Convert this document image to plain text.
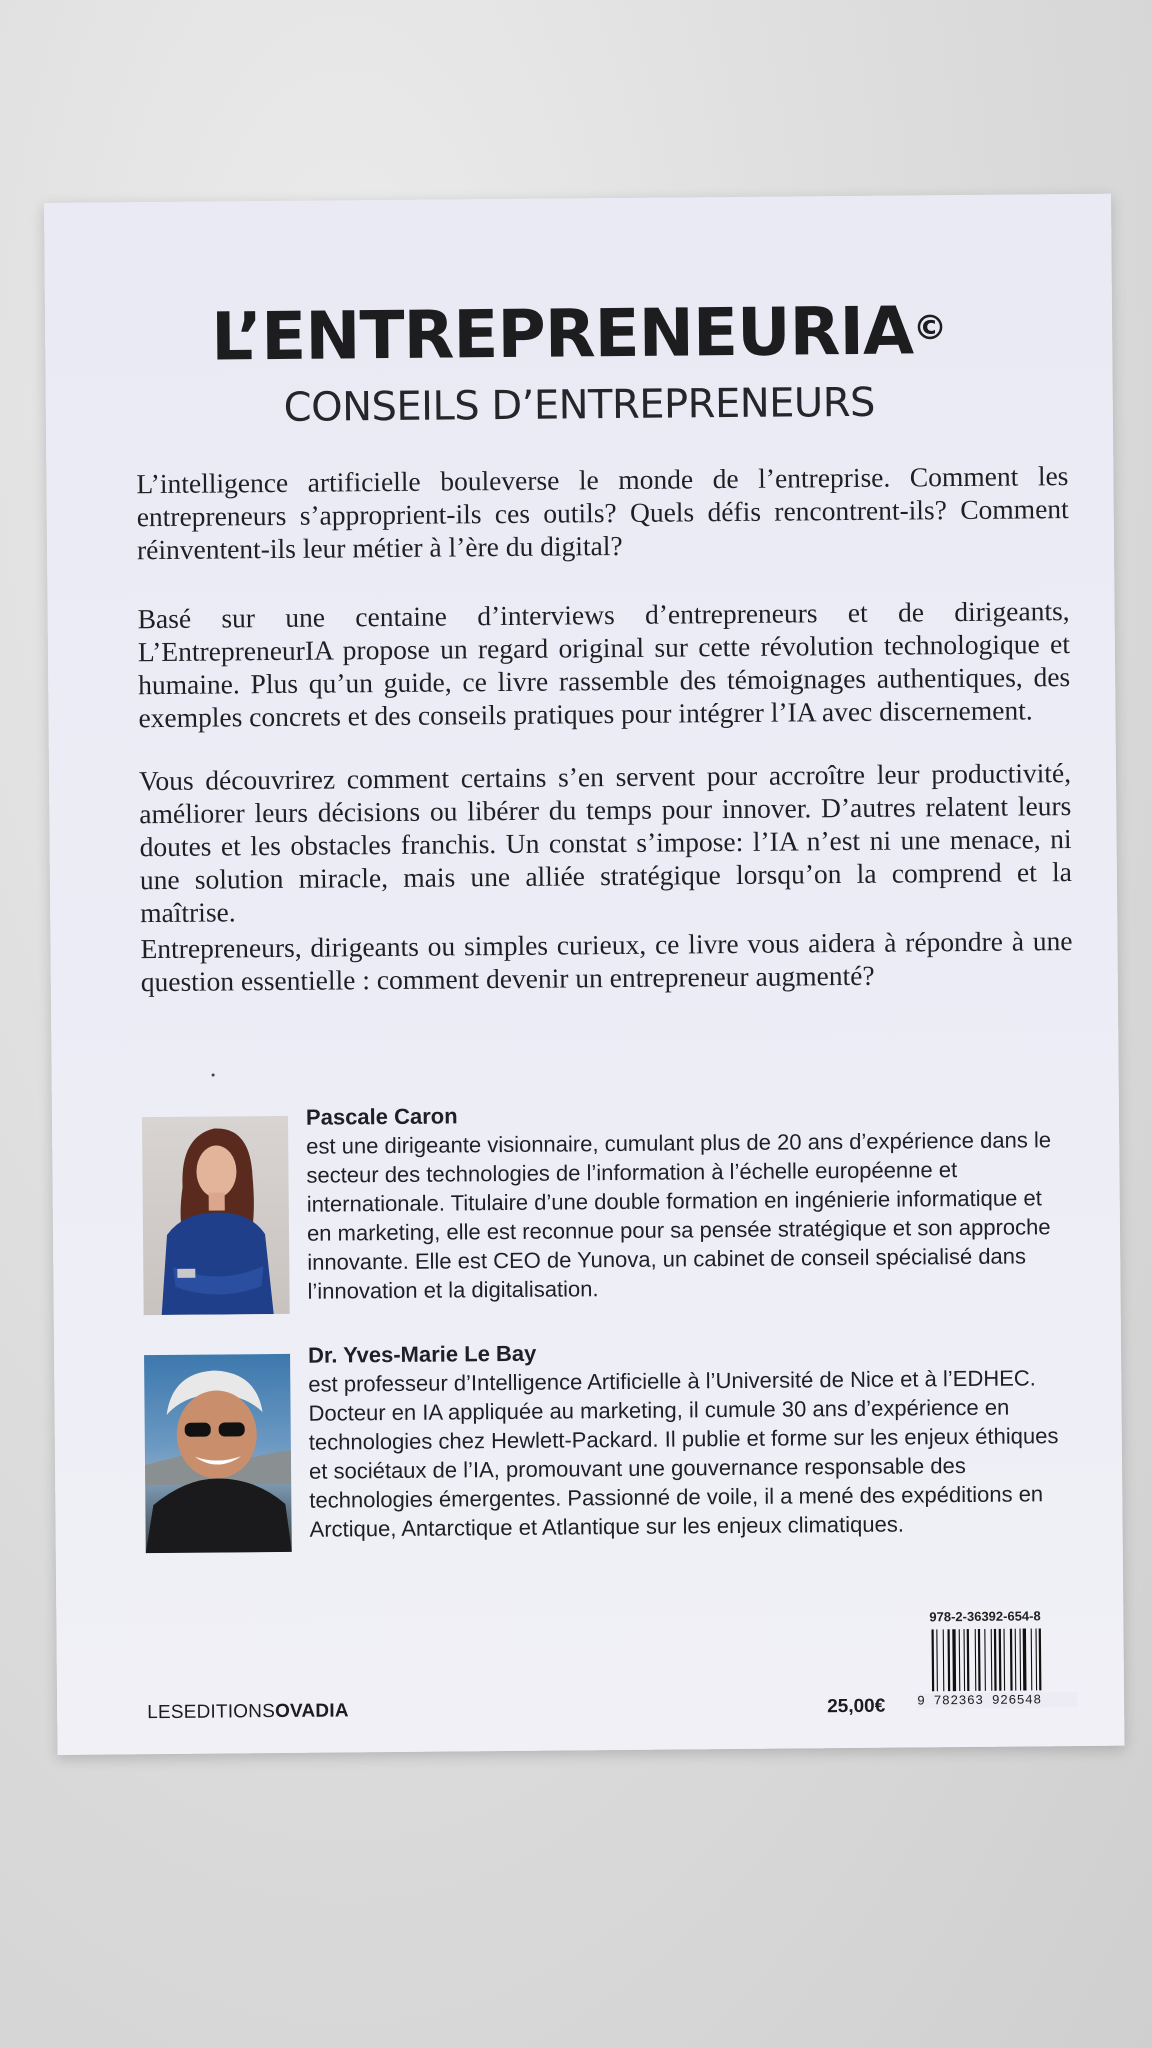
L’ENTREPRENEURIA©
CONSEILS D’ENTREPRENEURS

L’intelligence artificielle bouleverse le monde de l’entreprise. Comment les entrepreneurs s’approprient-ils ces outils? Quels défis rencontrent-ils? Comment réinventent-ils leur métier à l’ère du digital?

Basé sur une centaine d’interviews d’entrepreneurs et de dirigeants, L’EntrepreneurIA propose un regard original sur cette révolution technologique et humaine. Plus qu’un guide, ce livre rassemble des témoignages authentiques, des exemples concrets et des conseils pratiques pour intégrer l’IA avec discernement.

Vous découvrirez comment certains s’en servent pour accroître leur productivité, améliorer leurs décisions ou libérer du temps pour innover. D’autres relatent leurs doutes et les obstacles franchis. Un constat s’impose: l’IA n’est ni une menace, ni une solution miracle, mais une alliée stratégique lorsqu’on la comprend et la maîtrise.

Entrepreneurs, dirigeants ou simples curieux, ce livre vous aidera à répondre à une question essentielle : comment devenir un entrepreneur augmenté?

Pascale Caron
est une dirigeante visionnaire, cumulant plus de 20 ans d’expérience dans le secteur des technologies de l’information à l’échelle européenne et internationale. Titulaire d’une double formation en ingénierie informatique et en marketing, elle est reconnue pour sa pensée stratégique et son approche innovante. Elle est CEO de Yunova, un cabinet de conseil spécialisé dans l’innovation et la digitalisation.
Dr. Yves-Marie Le Bay
est professeur d’Intelligence Artificielle à l’Université de Nice et à l’EDHEC. Docteur en IA appliquée au marketing, il cumule 30 ans d’expérience en technologies chez Hewlett-Packard. Il publie et forme sur les enjeux éthiques et sociétaux de l’IA, promouvant une gouvernance responsable des technologies émergentes. Passionné de voile, il a mené des expéditions en Arctique, Antarctique et Atlantique sur les enjeux climatiques.
978-2-36392-654-8
9 782363 926548
LESEDITIONSOVADIA	25,00€
